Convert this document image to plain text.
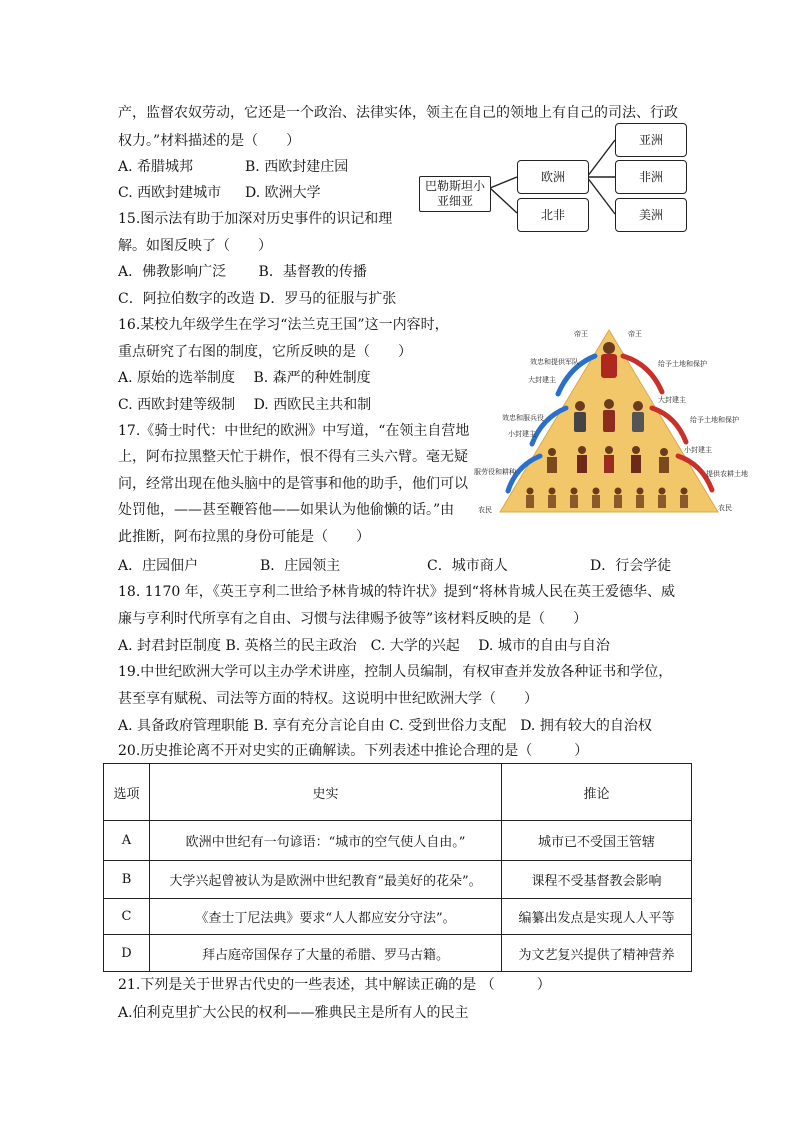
产，监督农奴劳动，它还是一个政治、法律实体，领主在自己的领地上有自己的司法、行政
权力。”材料描述的是（　　）
A. 希腊城邦	B. 西欧封建庄园
C. 西欧封建城市 D. 欧洲大学
15.图示法有助于加深对历史事件的识记和理
解。如图反映了（　　）
A．佛教影响广泛　　 B．基督教的传播
C．阿拉伯数字的改造 D．罗马的征服与扩张
16.某校九年级学生在学习“法兰克王国”这一内容时，
重点研究了右图的制度，它所反映的是（　　）
A. 原始的选举制度　 B. 森严的种姓制度
C. 西欧封建等级制　 D. 西欧民主共和制
17.《骑士时代：中世纪的欧洲》中写道，“在领主自营地
上，阿布拉黑整天忙于耕作，恨不得有三头六臂。毫无疑
问，经常出现在他头脑中的是管事和他的助手，他们可以
处罚他，——甚至鞭笞他——如果认为他偷懒的话。”由
此推断，阿布拉黑的身份可能是（　　）
A．庄园佃户	B．庄园领主	C．城市商人	D．行会学徒
18. 1170 年，《英王亨利二世给予林肯城的特许状》提到“将林肯城人民在英王爱德华、威
廉与亨利时代所享有之自由、习惯与法律赐予彼等”该材料反映的是（　　）
A. 封君封臣制度 B. 英格兰的民主政治　C. 大学的兴起　 D. 城市的自由与自治
19.中世纪欧洲大学可以主办学术讲座，控制人员编制，有权审查并发放各种证书和学位，
甚至享有赋税、司法等方面的特权。这说明中世纪欧洲大学（　　）
A. 具备政府管理职能 B. 享有充分言论自由 C. 受到世俗力支配　D. 拥有较大的自治权
20.历史推论离不开对史实的正确解读。下列表述中推论合理的是（　　　）
巴勒斯坦小亚细亚
欧洲
北非
亚洲
非洲
美洲
帝王	帝王
大封建主
大封建主
小封建主
小封建主
农民	农民
效忠和提供军队
效忠和服兵役
服劳役和耕种
给予土地和保护
给予土地和保护
提供农耕土地
选项	史实	推论
A	欧洲中世纪有一句谚语：“城市的空气使人自由。”	城市已不受国王管辖
B	大学兴起曾被认为是欧洲中世纪教育“最美好的花朵”。	课程不受基督教会影响
C	《查士丁尼法典》要求“人人都应安分守法”。	编纂出发点是实现人人平等
D	拜占庭帝国保存了大量的希腊、罗马古籍。	为文艺复兴提供了精神营养
21.下列是关于世界古代史的一些表述，其中解读正确的是 （　　　）
A.伯利克里扩大公民的权利——雅典民主是所有人的民主
